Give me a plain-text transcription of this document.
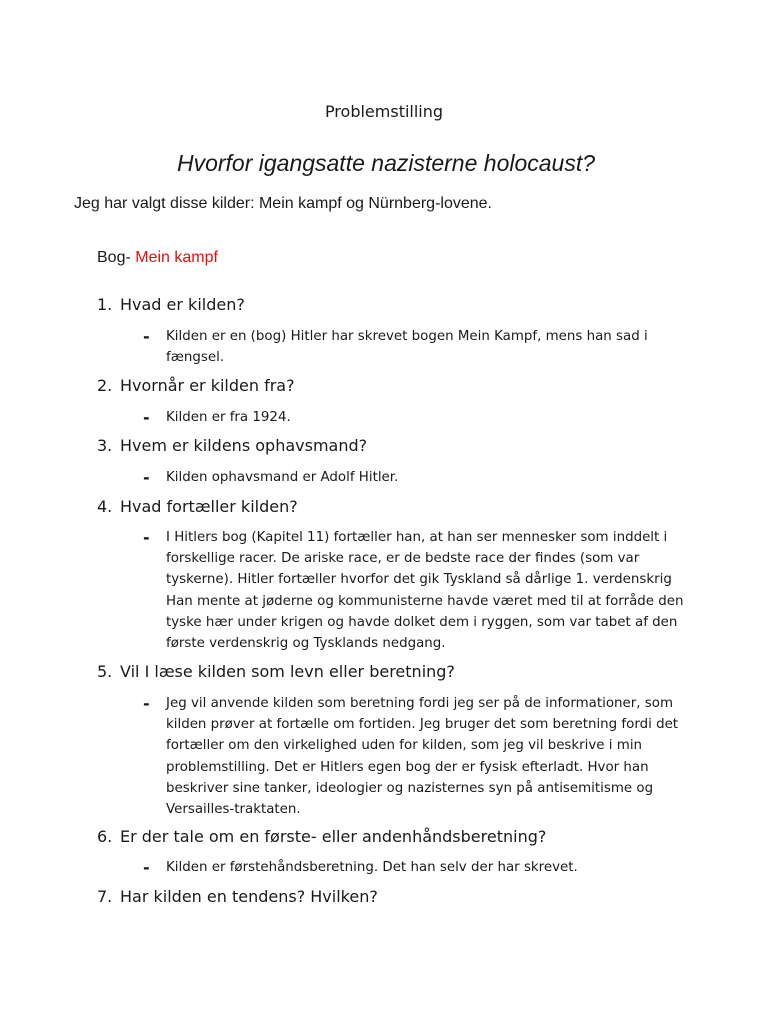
Problemstilling
Hvorfor igangsatte nazisterne holocaust?
Jeg har valgt disse kilder: Mein kampf og Nürnberg-lovene.
Bog- Mein kampf
1. Hvad er kilden?
- Kilden er en (bog) Hitler har skrevet bogen Mein Kampf, mens han sad i fængsel.
2. Hvornår er kilden fra?
- Kilden er fra 1924.
3. Hvem er kildens ophavsmand?
- Kilden ophavsmand er Adolf Hitler.
4. Hvad fortæller kilden?
- I Hitlers bog (Kapitel 11) fortæller han, at han ser mennesker som inddelt i forskellige racer. De ariske race, er de bedste race der findes (som var tyskerne). Hitler fortæller hvorfor det gik Tyskland så dårlige 1. verdenskrig Han mente at jøderne og kommunisterne havde været med til at forråde den tyske hær under krigen og havde dolket dem i ryggen, som var tabet af den første verdenskrig og Tysklands nedgang.
5. Vil I læse kilden som levn eller beretning?
- Jeg vil anvende kilden som beretning fordi jeg ser på de informationer, som kilden prøver at fortælle om fortiden. Jeg bruger det som beretning fordi det fortæller om den virkelighed uden for kilden, som jeg vil beskrive i min problemstilling. Det er Hitlers egen bog der er fysisk efterladt. Hvor han beskriver sine tanker, ideologier og nazisternes syn på antisemitisme og Versailles-traktaten.
6. Er der tale om en første- eller andenhåndsberetning?
- Kilden er førstehåndsberetning. Det han selv der har skrevet.
7. Har kilden en tendens? Hvilken?
